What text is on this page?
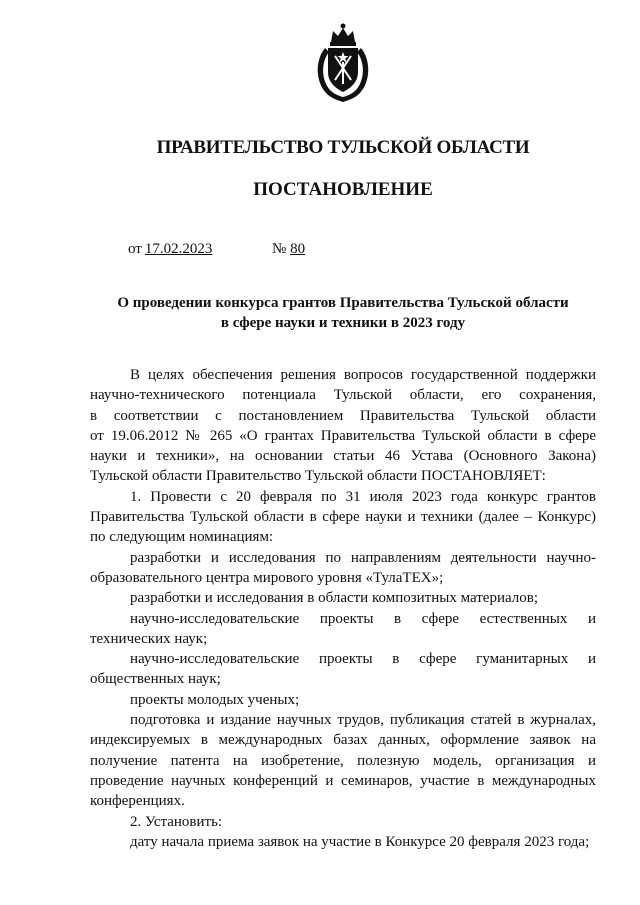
ПРАВИТЕЛЬСТВО ТУЛЬСКОЙ ОБЛАСТИ
ПОСТАНОВЛЕНИЕ
от 17.02.2023	№ 80
О проведении конкурса грантов Правительства Тульской области
в сфере науки и техники в 2023 году
В целях обеспечения решения вопросов государственной поддержки
научно-технического потенциала Тульской области, его сохранения,
в соответствии с постановлением Правительства Тульской области
от 19.06.2012 № 265 «О грантах Правительства Тульской области в сфере
науки и техники», на основании статьи 46 Устава (Основного Закона)
Тульской области Правительство Тульской области ПОСТАНОВЛЯЕТ:
1. Провести с 20 февраля по 31 июля 2023 года конкурс грантов
Правительства Тульской области в сфере науки и техники (далее – Конкурс)
по следующим номинациям:
разработки и исследования по направлениям деятельности научно-
образовательного центра мирового уровня «ТулаТЕХ»;
разработки и исследования в области композитных материалов;
научно-исследовательские проекты в сфере естественных и
технических наук;
научно-исследовательские проекты в сфере гуманитарных и
общественных наук;
проекты молодых ученых;
подготовка и издание научных трудов, публикация статей в журналах,
индексируемых в международных базах данных, оформление заявок на
получение патента на изобретение, полезную модель, организация и
проведение научных конференций и семинаров, участие в международных
конференциях.
2. Установить:
дату начала приема заявок на участие в Конкурсе 20 февраля 2023 года;
